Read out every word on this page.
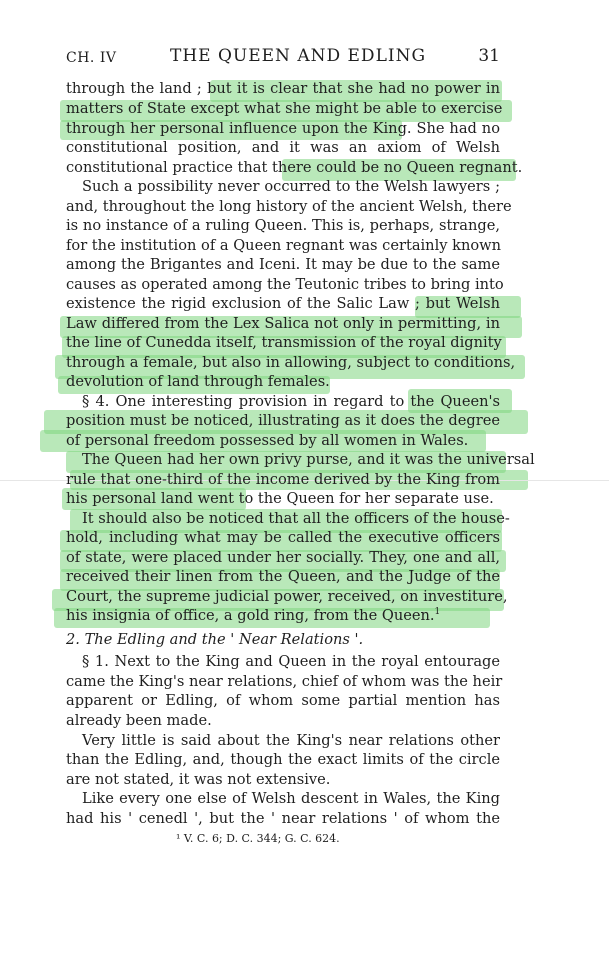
CH. IV	THE QUEEN AND EDLING	31
through the land ; but it is clear that she had no power in
matters of State except what she might be able to exercise
through her personal influence upon the King. She had no
constitutional position, and it was an axiom of Welsh
constitutional practice that there could be no Queen regnant.
Such a possibility never occurred to the Welsh lawyers ;
and, throughout the long history of the ancient Welsh, there
is no instance of a ruling Queen. This is, perhaps, strange,
for the institution of a Queen regnant was certainly known
among the Brigantes and Iceni. It may be due to the same
causes as operated among the Teutonic tribes to bring into
existence the rigid exclusion of the Salic Law ; but Welsh
Law differed from the Lex Salica not only in permitting, in
the line of Cunedda itself, transmission of the royal dignity
through a female, but also in allowing, subject to conditions,
devolution of land through females.
§ 4. One interesting provision in regard to the Queen's
position must be noticed, illustrating as it does the degree
of personal freedom possessed by all women in Wales.
The Queen had her own privy purse, and it was the universal
rule that one-third of the income derived by the King from
his personal land went to the Queen for her separate use.
It should also be noticed that all the officers of the house-
hold, including what may be called the executive officers
of state, were placed under her socially. They, one and all,
received their linen from the Queen, and the Judge of the
Court, the supreme judicial power, received, on investiture,
his insignia of office, a gold ring, from the Queen.$^1$
2. The Edling and the ' Near Relations '.
§ 1. Next to the King and Queen in the royal entourage
came the King's near relations, chief of whom was the heir
apparent or Edling, of whom some partial mention has
already been made.
Very little is said about the King's near relations other
than the Edling, and, though the exact limits of the circle
are not stated, it was not extensive.
Like every one else of Welsh descent in Wales, the King
had his ' cenedl ', but the ' near relations ' of whom the
¹ V. C. 6; D. C. 344; G. C. 624.
